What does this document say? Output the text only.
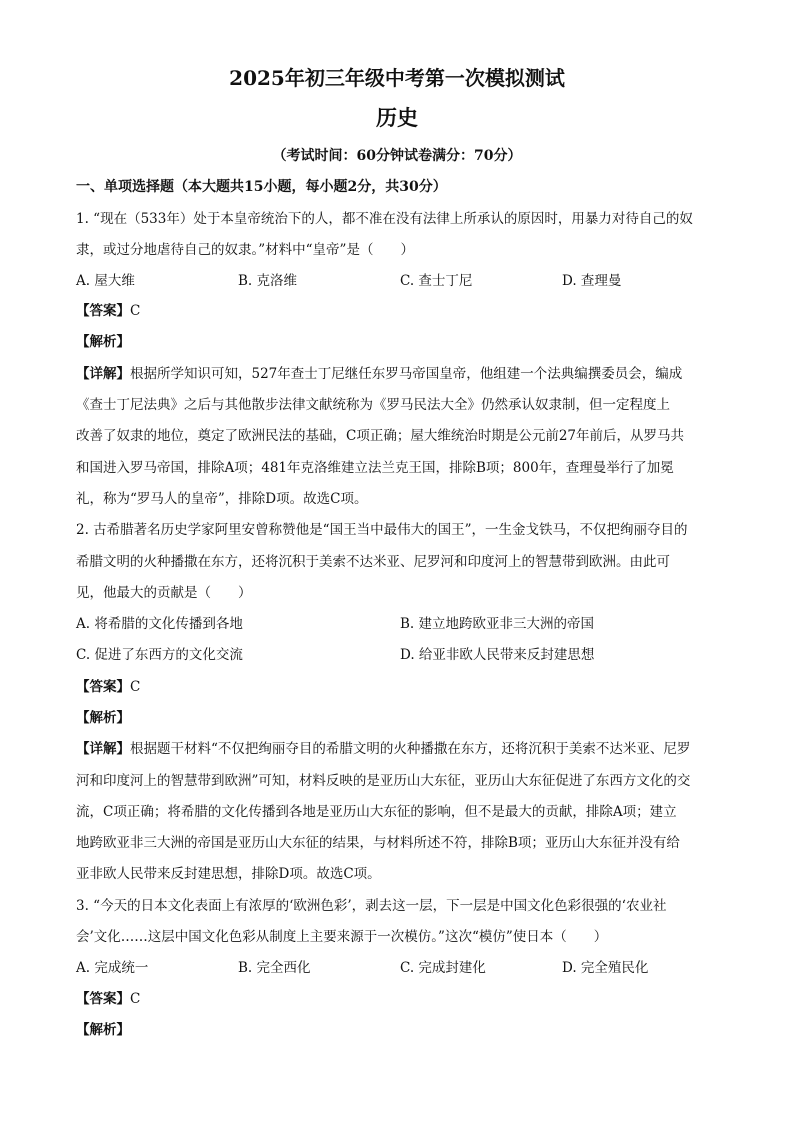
2025年初三年级中考第一次模拟测试
历史
（考试时间：60分钟试卷满分：70分）
一、单项选择题（本大题共15小题，每小题2分，共30分）
1. “现在（533年）处于本皇帝统治下的人，都不准在没有法律上所承认的原因时，用暴力对待自己的奴
隶，或过分地虐待自己的奴隶。”材料中“皇帝”是（　　）
A. 屋大维	B. 克洛维	C. 查士丁尼	D. 查理曼
【答案】C
【解析】
【详解】根据所学知识可知，527年查士丁尼继任东罗马帝国皇帝，他组建一个法典编撰委员会，编成
《查士丁尼法典》之后与其他散步法律文献统称为《罗马民法大全》仍然承认奴隶制，但一定程度上
改善了奴隶的地位，奠定了欧洲民法的基础，C项正确；屋大维统治时期是公元前27年前后，从罗马共
和国进入罗马帝国，排除A项；481年克洛维建立法兰克王国，排除B项；800年，查理曼举行了加冕
礼，称为“罗马人的皇帝”，排除D项。故选C项。
2. 古希腊著名历史学家阿里安曾称赞他是“国王当中最伟大的国王”，一生金戈铁马，不仅把绚丽夺目的
希腊文明的火种播撒在东方，还将沉积于美索不达米亚、尼罗河和印度河上的智慧带到欧洲。由此可
见，他最大的贡献是（　　）
A. 将希腊的文化传播到各地	B. 建立地跨欧亚非三大洲的帝国
C. 促进了东西方的文化交流	D. 给亚非欧人民带来反封建思想
【答案】C
【解析】
【详解】根据题干材料“不仅把绚丽夺目的希腊文明的火种播撒在东方，还将沉积于美索不达米亚、尼罗
河和印度河上的智慧带到欧洲”可知，材料反映的是亚历山大东征，亚历山大东征促进了东西方文化的交
流，C项正确；将希腊的文化传播到各地是亚历山大东征的影响，但不是最大的贡献，排除A项；建立
地跨欧亚非三大洲的帝国是亚历山大东征的结果，与材料所述不符，排除B项；亚历山大东征并没有给
亚非欧人民带来反封建思想，排除D项。故选C项。
3. “今天的日本文化表面上有浓厚的‘欧洲色彩’，剥去这一层，下一层是中国文化色彩很强的‘农业社
会’文化……这层中国文化色彩从制度上主要来源于一次模仿。”这次“模仿”使日本（　　）
A. 完成统一	B. 完全西化	C. 完成封建化	D. 完全殖民化
【答案】C
【解析】
